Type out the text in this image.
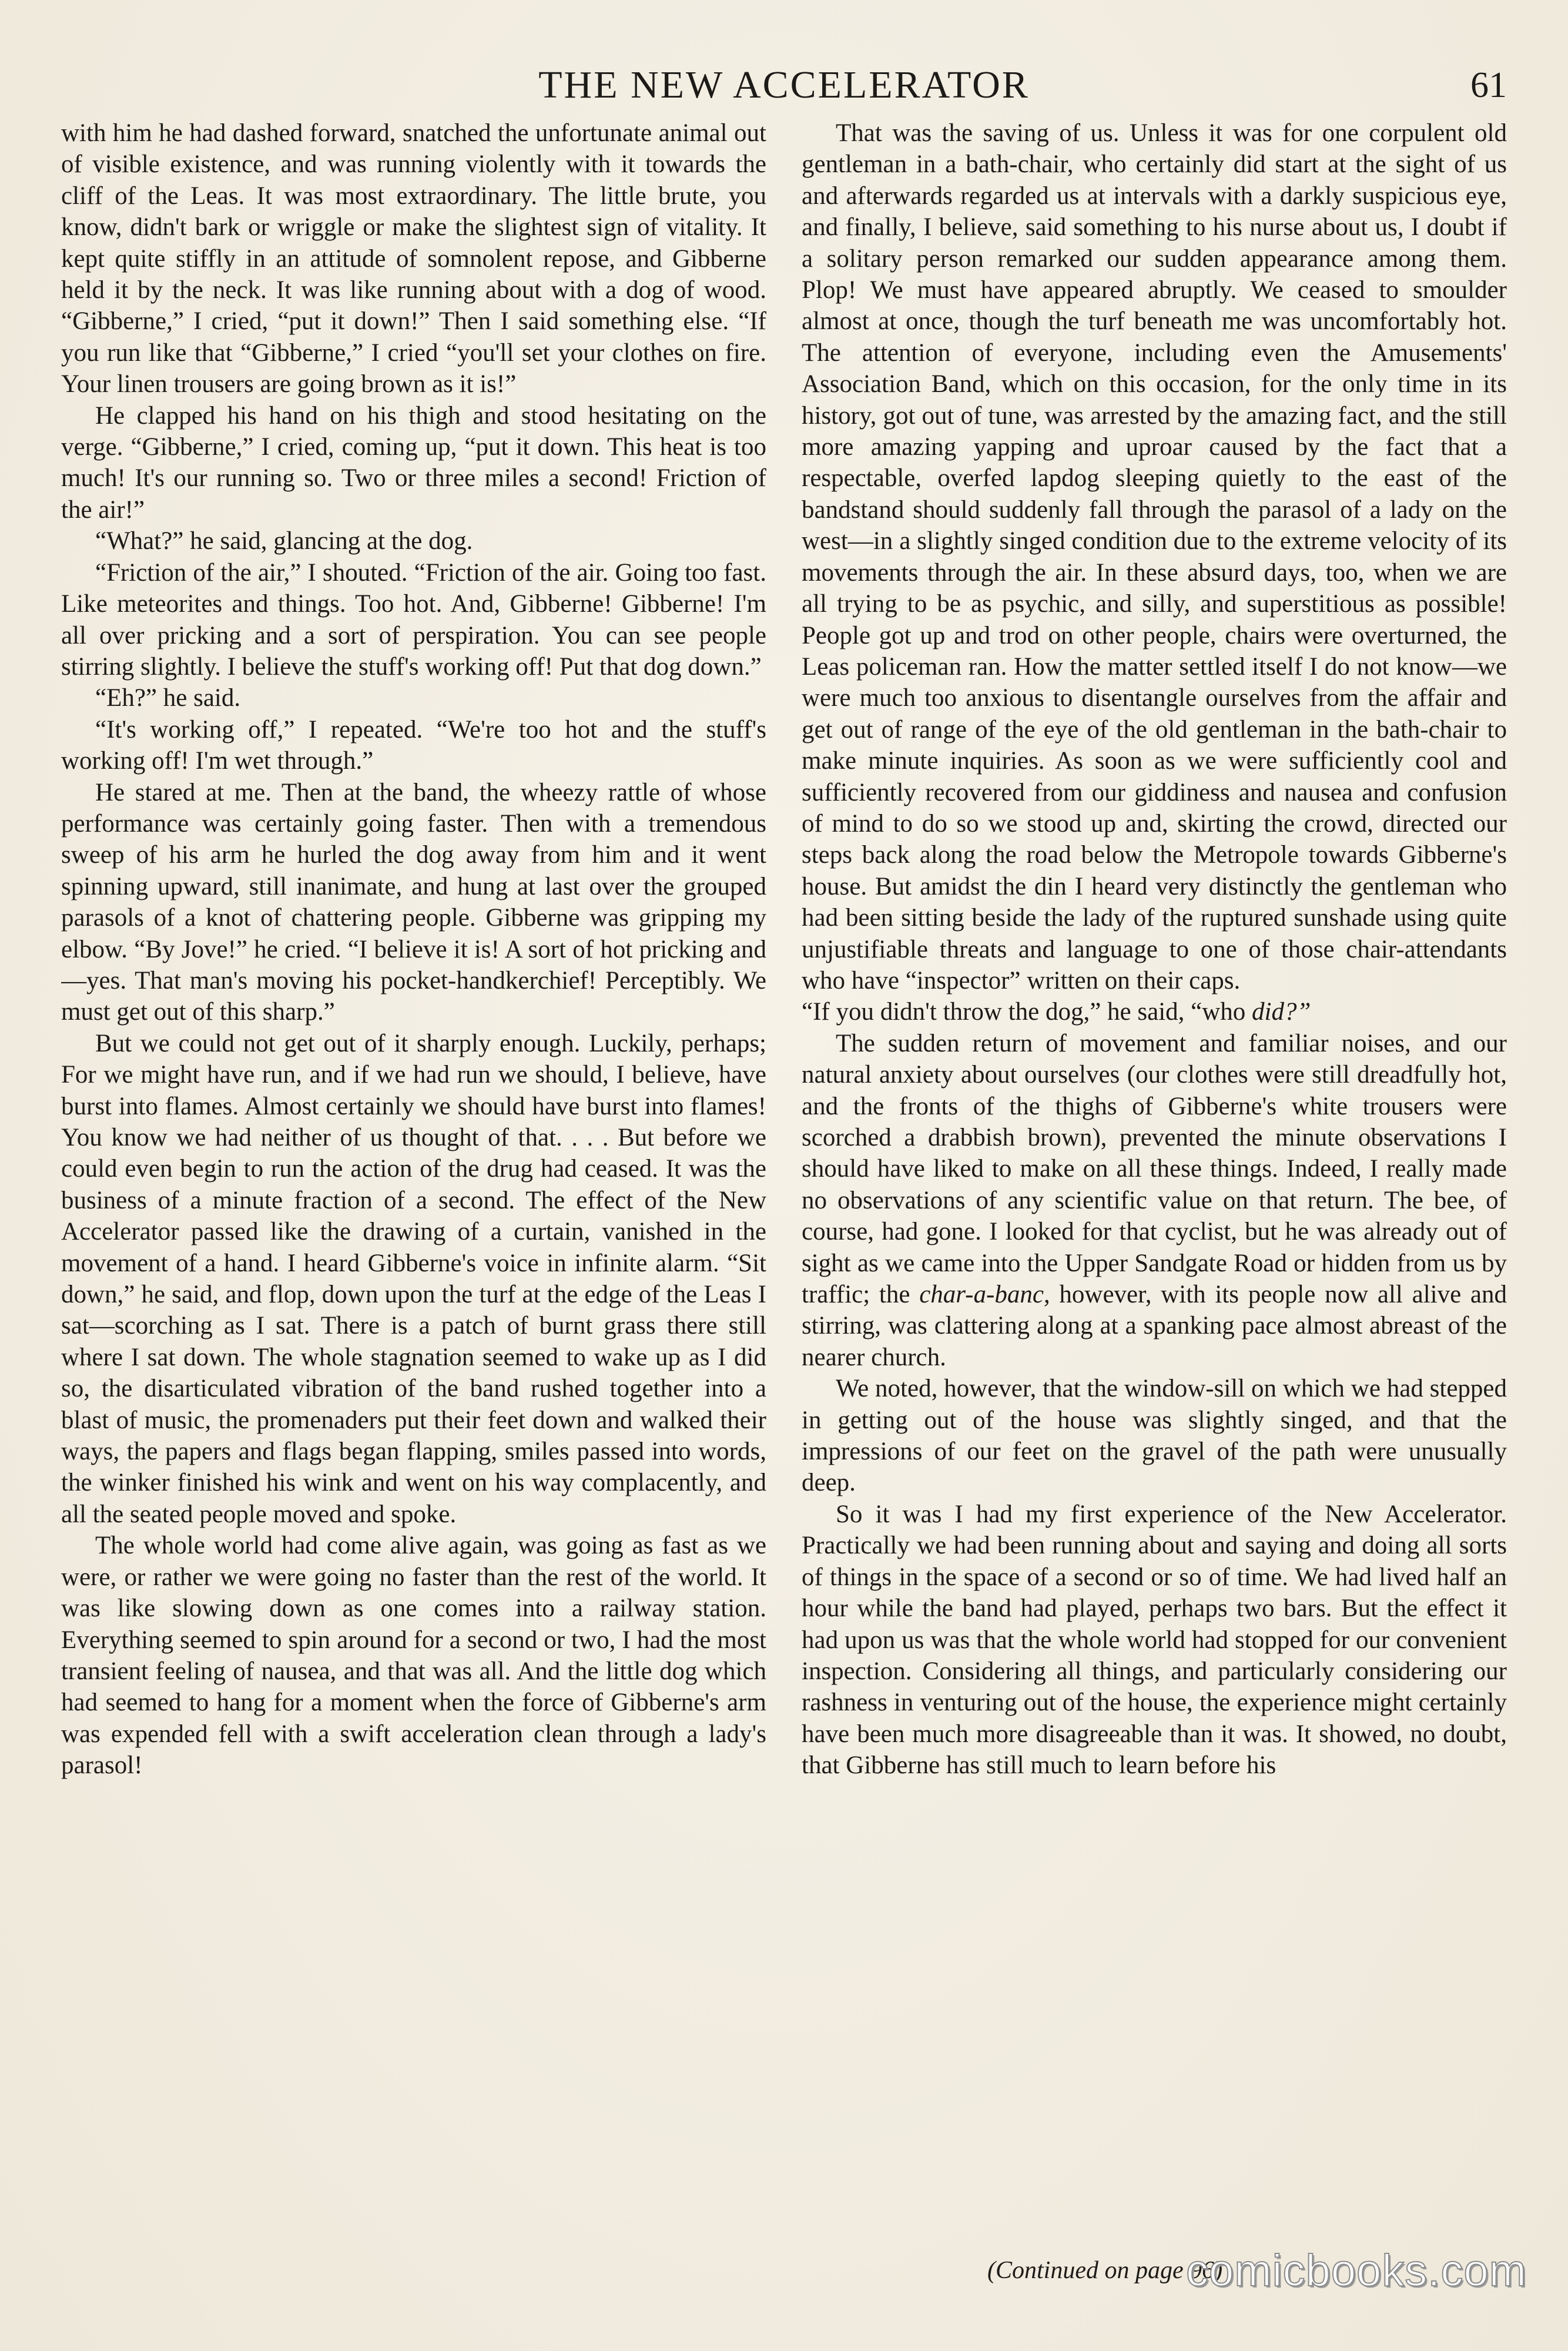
THE NEW ACCELERATOR	61

with him he had dashed forward, snatched the unfortunate animal out of visible existence, and was running violently with it towards the cliff of the Leas. It was most extraordinary. The little brute, you know, didn't bark or wriggle or make the slightest sign of vitality. It kept quite stiffly in an attitude of somnolent repose, and Gibberne held it by the neck. It was like running about with a dog of wood. “Gibberne,” I cried, “put it down!” Then I said something else. “If you run like that “Gibberne,” I cried “you'll set your clothes on fire. Your linen trousers are going brown as it is!”

He clapped his hand on his thigh and stood hesitating on the verge. “Gibberne,” I cried, coming up, “put it down. This heat is too much! It's our running so. Two or three miles a second! Friction of the air!”

“What?” he said, glancing at the dog.

“Friction of the air,” I shouted. “Friction of the air. Going too fast. Like meteorites and things. Too hot. And, Gibberne! Gibberne! I'm all over pricking and a sort of perspiration. You can see people stirring slightly. I believe the stuff's working off! Put that dog down.”

“Eh?” he said.

“It's working off,” I repeated. “We're too hot and the stuff's working off! I'm wet through.”

He stared at me. Then at the band, the wheezy rattle of whose performance was certainly going faster. Then with a tremendous sweep of his arm he hurled the dog away from him and it went spinning upward, still inanimate, and hung at last over the grouped parasols of a knot of chattering people. Gibberne was gripping my elbow. “By Jove!” he cried. “I believe it is! A sort of hot pricking and —yes. That man's moving his pocket-handkerchief! Perceptibly. We must get out of this sharp.”

But we could not get out of it sharply enough. Luckily, perhaps; For we might have run, and if we had run we should, I believe, have burst into flames. Almost certainly we should have burst into flames! You know we had neither of us thought of that. . . . But before we could even begin to run the action of the drug had ceased. It was the business of a minute fraction of a second. The effect of the New Accelerator passed like the drawing of a curtain, vanished in the movement of a hand. I heard Gibberne's voice in infinite alarm. “Sit down,” he said, and flop, down upon the turf at the edge of the Leas I sat—scorching as I sat. There is a patch of burnt grass there still where I sat down. The whole stagnation seemed to wake up as I did so, the disarticulated vibration of the band rushed together into a blast of music, the promenaders put their feet down and walked their ways, the papers and flags began flapping, smiles passed into words, the winker finished his wink and went on his way complacently, and all the seated people moved and spoke.

The whole world had come alive again, was going as fast as we were, or rather we were going no faster than the rest of the world. It was like slowing down as one comes into a railway station. Everything seemed to spin around for a second or two, I had the most transient feeling of nausea, and that was all. And the little dog which had seemed to hang for a moment when the force of Gibberne's arm was expended fell with a swift acceleration clean through a lady's parasol!

That was the saving of us. Unless it was for one corpulent old gentleman in a bath-chair, who certainly did start at the sight of us and afterwards regarded us at intervals with a darkly suspicious eye, and finally, I believe, said something to his nurse about us, I doubt if a solitary person remarked our sudden appearance among them. Plop! We must have appeared abruptly. We ceased to smoulder almost at once, though the turf beneath me was uncomfortably hot. The attention of everyone, including even the Amusements' Association Band, which on this occasion, for the only time in its history, got out of tune, was arrested by the amazing fact, and the still more amazing yapping and uproar caused by the fact that a respectable, overfed lapdog sleeping quietly to the east of the bandstand should suddenly fall through the parasol of a lady on the west—in a slightly singed condition due to the extreme velocity of its movements through the air. In these absurd days, too, when we are all trying to be as psychic, and silly, and superstitious as possible! People got up and trod on other people, chairs were overturned, the Leas policeman ran. How the matter settled itself I do not know—we were much too anxious to disentangle ourselves from the affair and get out of range of the eye of the old gentleman in the bath-chair to make minute inquiries. As soon as we were sufficiently cool and sufficiently recovered from our giddiness and nausea and confusion of mind to do so we stood up and, skirting the crowd, directed our steps back along the road below the Metropole towards Gibberne's house. But amidst the din I heard very distinctly the gentleman who had been sitting beside the lady of the ruptured sunshade using quite unjustifiable threats and language to one of those chair-attendants who have “inspector” written on their caps.

“If you didn't throw the dog,” he said, “who did?”

The sudden return of movement and familiar noises, and our natural anxiety about ourselves (our clothes were still dreadfully hot, and the fronts of the thighs of Gibberne's white trousers were scorched a drabbish brown), prevented the minute observations I should have liked to make on all these things. Indeed, I really made no observations of any scientific value on that return. The bee, of course, had gone. I looked for that cyclist, but he was already out of sight as we came into the Upper Sandgate Road or hidden from us by traffic; the char-a-banc, however, with its people now all alive and stirring, was clattering along at a spanking pace almost abreast of the nearer church.

We noted, however, that the window-sill on which we had stepped in getting out of the house was slightly singed, and that the impressions of our feet on the gravel of the path were unusually deep.

So it was I had my first experience of the New Accelerator. Practically we had been running about and saying and doing all sorts of things in the space of a second or so of time. We had lived half an hour while the band had played, perhaps two bars. But the effect it had upon us was that the whole world had stopped for our convenient inspection. Considering all things, and particularly considering our rashness in venturing out of the house, the experience might certainly have been much more disagreeable than it was. It showed, no doubt, that Gibberne has still much to learn before his

(Continued on page 96)
comicbooks.com
